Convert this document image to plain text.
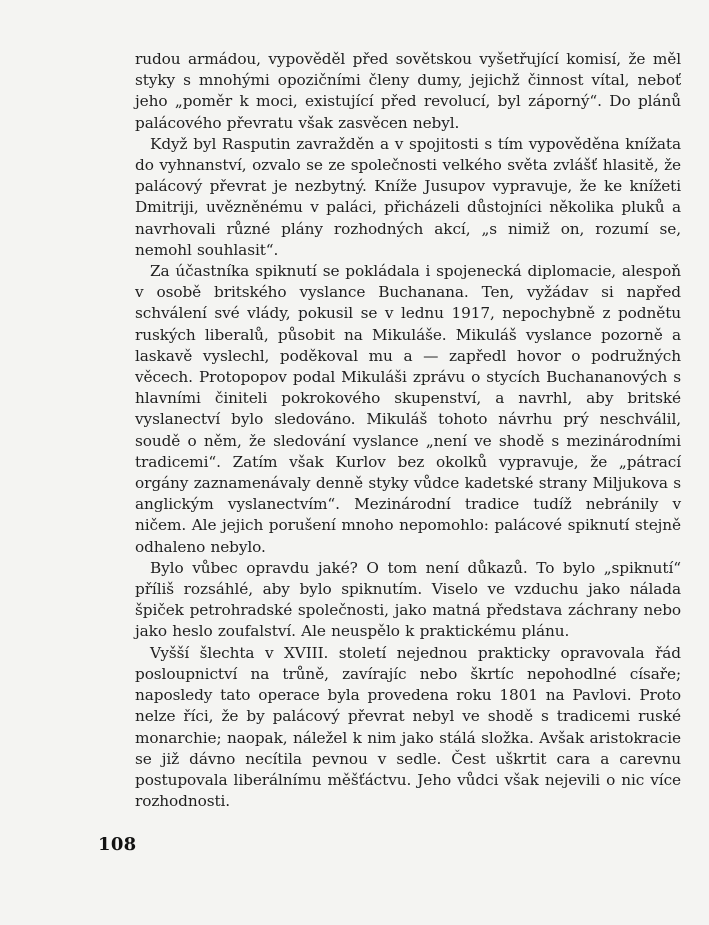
rudou armádou, vypověděl před sovětskou vyšetřující komisí, že měl styky s mnohými opozičními členy dumy, jejichž činnost vítal, neboť jeho „poměr k moci, existující před revolucí, byl záporný“. Do plánů palácového převratu však zasvěcen nebyl.

Když byl Rasputin zavražděn a v spojitosti s tím vypověděna knížata do vyhnanství, ozvalo se ze společnosti velkého světa zvlášť hlasitě, že palácový převrat je nezbytný. Kníže Jusupov vypravuje, že ke knížeti Dmitriji, uvězněnému v paláci, přicházeli důstojníci několika pluků a navrhovali různé plány rozhodných akcí, „s nimiž on, rozumí se, nemohl souhlasit“.

Za účastníka spiknutí se pokládala i spojenecká diplomacie, alespoň v osobě britského vyslance Buchanana. Ten, vyžádav si napřed schválení své vlády, pokusil se v lednu 1917, nepochybně z podnětu ruských liberalů, působit na Mikuláše. Mikuláš vyslance pozorně a laskavě vyslechl, poděkoval mu a — zapředl hovor o podružných věcech. Protopopov podal Mikuláši zprávu o stycích Buchananových s hlavními činiteli pokrokového skupenství, a navrhl, aby britské vyslanectví bylo sledováno. Mikuláš tohoto návrhu prý neschválil, soudě o něm, že sledování vyslance „není ve shodě s mezinárodními tradicemi“. Zatím však Kurlov bez okolků vypravuje, že „pátrací orgány zaznamenávaly denně styky vůdce kadetské strany Miljukova s anglickým vyslanectvím“. Mezinárodní tradice tudíž nebránily v ničem. Ale jejich porušení mnoho nepomohlo: palácové spiknutí stejně odhaleno nebylo.

Bylo vůbec opravdu jaké? O tom není důkazů. To bylo „spiknutí“ příliš rozsáhlé, aby bylo spiknutím. Viselo ve vzduchu jako nálada špiček petrohradské společnosti, jako matná představa záchrany nebo jako heslo zoufalství. Ale neuspělo k praktickému plánu.

Vyšší šlechta v XVIII. století nejednou prakticky opravovala řád posloupnictví na trůně, zavírajíc nebo škrtíc nepohodlné císaře; naposledy tato operace byla provedena roku 1801 na Pavlovi. Proto nelze říci, že by palácový převrat nebyl ve shodě s tradicemi ruské monarchie; naopak, náležel k nim jako stálá složka. Avšak aristokracie se již dávno necítila pevnou v sedle. Čest uškrtit cara a carevnu postupovala liberálnímu měšťáctvu. Jeho vůdci však nejevili o nic více rozhodnosti.

108
